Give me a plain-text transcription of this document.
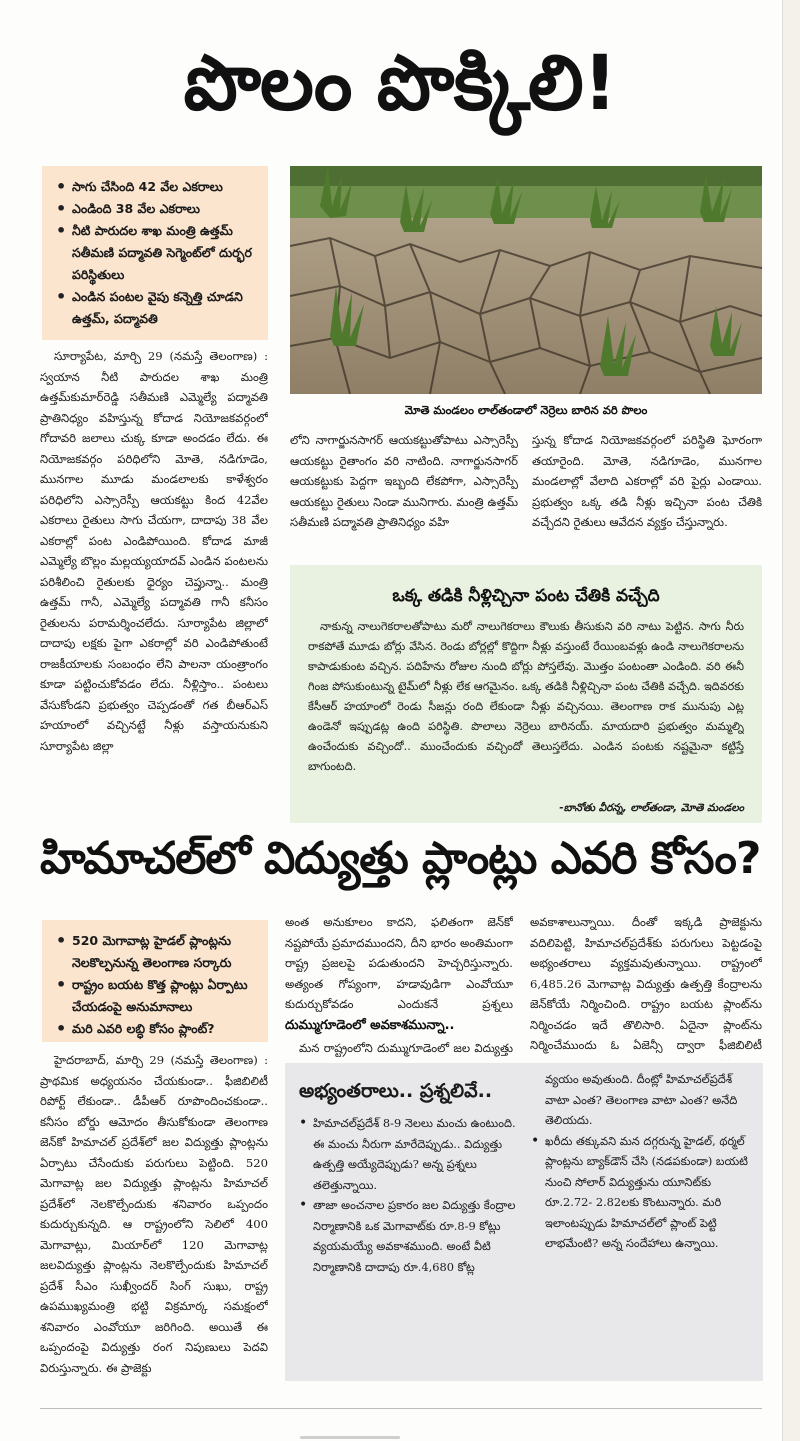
పొలం పొక్కిలి!
• సాగు చేసింది 42 వేల ఎకరాలు
• ఎండింది 38 వేల ఎకరాలు
• నీటి పారుదల శాఖ మంత్రి ఉత్తమ్ సతీమణి పద్మావతి సెగ్మెంట్‌లో దుర్భర పరిస్థితులు
• ఎండిన పంటల వైపు కన్నెత్తి చూడని ఉత్తమ్, పద్మావతి
మోతె మండలం లాల్‌తండాలో నెర్రెలు బారిన వరి పొలం

సూర్యాపేట, మార్చి 29 (నమస్తే తెలంగాణ) : స్వయాన నీటి పారుదల శాఖ మంత్రి ఉత్తమ్‌కుమార్‌రెడ్డి సతీమణి ఎమ్మెల్యే పద్మావతి ప్రాతినిధ్యం వహిస్తున్న కోదాడ నియోజకవర్గంలో గోదావరి జలాలు చుక్క కూడా అందడం లేదు. ఈ నియోజకవర్గం పరిధిలోని మోతె, నడిగూడెం, మునగాల మూడు మండలాలకు కాళేశ్వరం పరిధిలోని ఎస్సారెస్పీ ఆయకట్టు కింద 42వేల ఎకరాలు రైతులు సాగు చేయగా, దాదాపు 38 వేల ఎకరాల్లో పంట ఎండిపోయింది. కోదాడ మాజీ ఎమ్మెల్యే బొల్లం మల్లయ్యయాదవ్ ఎండిన పంటలను పరిశీలించి రైతులకు ధైర్యం చెప్తున్నా.. మంత్రి ఉత్తమ్ గానీ, ఎమ్మెల్యే పద్మావతి గానీ కనీసం రైతులను పరామర్శించలేదు. సూర్యాపేట జిల్లాలో దాదాపు లక్షకు పైగా ఎకరాల్లో వరి ఎండిపోతుంటే రాజకీయాలకు సంబంధం లేని పాలనా యంత్రాంగం కూడా పట్టించుకోవడం లేదు. నీళ్లిస్తాం.. పంటలు వేసుకోండని ప్రభుత్వం చెప్పడంతో గత బీఆర్‌ఎస్ హయాంలో వచ్చినట్టే నీళ్లు వస్తాయనుకుని సూర్యాపేట జిల్లా

లోని నాగార్జునసాగర్ ఆయకట్టుతోపాటు ఎస్సారెస్పీ ఆయకట్టు రైతాంగం వరి నాటింది. నాగార్జునసాగర్ ఆయకట్టుకు పెద్దగా ఇబ్బంది లేకపోగా, ఎస్సారెస్పీ ఆయకట్టు రైతులు నిండా మునిగారు. మంత్రి ఉత్తమ్ సతీమణి పద్మావతి ప్రాతినిధ్యం వహి

స్తున్న కోదాడ నియోజకవర్గంలో పరిస్థితి ఘోరంగా తయారైంది. మోతె, నడిగూడెం, మునగాల మండలాల్లో వేలాది ఎకరాల్లో వరి పైర్లు ఎండాయి. ప్రభుత్వం ఒక్క తడి నీళ్లు ఇచ్చినా పంట చేతికి వచ్చేదని రైతులు ఆవేదన వ్యక్తం చేస్తున్నారు.

ఒక్క తడికి నీళ్లిచ్చినా పంట చేతికి వచ్చేది

నాకున్న నాలుగెకరాలతోపాటు మరో నాలుగెకరాలు కౌలుకు తీసుకుని వరి నాటు పెట్టిన. సాగు నీరు రాకపోతే మూడు బోర్లు వేసిన. రెండు బోర్లల్లో కొద్దిగా నీళ్లు వస్తుంటే రేయింబవళ్లు ఉండి నాలుగెకరాలను కాపాడుకుంట వచ్చిన. పదిహేను రోజుల నుంది బోర్లు పోస్తలేవు. మొత్తం పంటంతా ఎండింది. వరి ఈనీ గింజ పోసుకుంటున్న టైమ్‌లో నీళ్లు లేక ఆగమైనం. ఒక్క తడికి నీళ్లిచ్చినా పంట చేతికి వచ్చేది. ఇదివరకు కేసీఆర్ హయాంలో రెండు సీజన్లు రంది లేకుండా నీళ్లు వచ్చినయి. తెలంగాణ రాక మునుపు ఎట్ల ఉండెనో ఇప్పుడట్ల ఉంది పరిస్థితి. పొలాలు నెర్రెలు బారినయ్. మాయదారి ప్రభుత్వం మమ్మల్ని ఉంచేందుకు వచ్చిందో.. ముంచేందుకు వచ్చిందో తెలుస్తలేదు. ఎండిన పంటకు నష్టమైనా కట్టిస్తే బాగుంటది.

-బానోతు వీరన్న, లాల్‌తండా, మోతె మండలం
హిమాచల్‌లో విద్యుత్తు ప్లాంట్లు ఎవరి కోసం?
• 520 మెగావాట్ల హైడల్ ప్లాంట్లను నెలకొల్పనున్న తెలంగాణ సర్కారు
• రాష్ట్రం బయట కొత్త ప్లాంట్లు ఏర్పాటు చేయడంపై అనుమానాలు
• మరి ఎవరి లబ్ధి కోసం ప్లాంట్?

హైదరాబాద్, మార్చి 29 (నమస్తే తెలంగాణ) : ప్రాథమిక అధ్యయనం చేయకుండా.. ఫీజిబిలిటీ రిపోర్ట్ లేకుండా.. డీపీఆర్ రూపొందించకుండా.. కనీసం బోర్డు ఆమోదం తీసుకోకుండా తెలంగాణ జెన్‌కో హిమాచల్ ప్రదేశ్‌లో జల విద్యుత్తు ప్లాంట్లను ఏర్పాటు చేసేందుకు పరుగులు పెట్టింది. 520 మెగావాట్ల జల విద్యుత్తు ప్లాంట్లను హిమాచల్ ప్రదేశ్‌లో నెలకొల్పేందుకు శనివారం ఒప్పందం కుదుర్చుకున్నది. ఆ రాష్ట్రంలోని సెలిలో 400 మెగావాట్లు, మియార్‌లో 120 మెగావాట్ల జలవిద్యుత్తు ప్లాంట్లను నెలకొల్పేందుకు హిమాచల్ ప్రదేశ్ సీఎం సుఖ్వీందర్ సింగ్ సుఖు, రాష్ట్ర ఉపముఖ్యమంత్రి భట్టి విక్రమార్క సమక్షంలో శనివారం ఎంవోయూ జరిగింది. అయితే ఈ ఒప్పందంపై విద్యుత్తు రంగ నిపుణులు పెదవి విరుస్తున్నారు. ఈ ప్రాజెక్టు

అంత అనుకూలం కాదని, ఫలితంగా జెన్‌కో నష్టపోయే ప్రమాదముందని, దీని భారం అంతిమంగా రాష్ట్ర ప్రజలపై పడుతుందని హెచ్చరిస్తున్నారు. అత్యంత గోప్యంగా, హడావుడిగా ఎంవోయూ కుదుర్చుకోవడం ఎందుకనే ప్రశ్నలు

దుమ్ముగూడెంలో అవకాశమున్నా..

మన రాష్ట్రంలోని దుమ్ముగూడెంలో జల విద్యుత్తు

అవకాశాలున్నాయి. దీంతో ఇక్కడి ప్రాజెక్టును వదిలిపెట్టి, హిమాచల్‌ప్రదేశ్‌కు పరుగులు పెట్టడంపై అభ్యంతరాలు వ్యక్తమవుతున్నాయి. రాష్ట్రంలో 6,485.26 మెగావాట్ల విద్యుత్తు ఉత్పత్తి కేంద్రాలను జెన్‌కోయే నిర్మించింది. రాష్ట్రం బయట ప్లాంట్‌ను నిర్మించడం ఇదే తొలిసారి. ఏదైనా ప్లాంట్‌ను నిర్మించేముందు ఓ ఏజెన్సీ ద్వారా ఫీజిబిలిటీ

అభ్యంతరాలు.. ప్రశ్నలివే..
• హిమాచల్‌ప్రదేశ్ 8-9 నెలలు మంచు ఉంటుంది. ఈ మంచు నీరుగా మారేదెప్పుడు.. విద్యుత్తు ఉత్పత్తి అయ్యేదెప్పుడు? అన్న ప్రశ్నలు తలెత్తున్నాయి.
• తాజా అంచనాల ప్రకారం జల విద్యుత్తు కేంద్రాల నిర్మాణానికి ఒక మెగావాట్‌కు రూ.8-9 కోట్లు వ్యయమయ్యే అవకాశముంది. అంటే వీటి నిర్మాణానికి దాదాపు రూ.4,680 కోట్ల
వ్యయం అవుతుంది. దీంట్లో హిమాచల్‌ప్రదేశ్ వాటా ఎంత? తెలంగాణ వాటా ఎంత? అనేది తెలియదు.
• ఖరీదు తక్కువని మన దగ్గరున్న హైడల్, థర్మల్ ప్లాంట్లను బ్యాక్‌డౌన్ చేసి (నడపకుండా) బయటి నుంచి సోలార్ విద్యుత్తును యూనిట్‌కు రూ.2.72- 2.82లకు కొంటున్నారు. మరి ఇలాంటప్పుడు హిమాచల్‌లో ప్లాంట్ పెట్టి లాభమేంటి? అన్న సందేహాలు ఉన్నాయి.
